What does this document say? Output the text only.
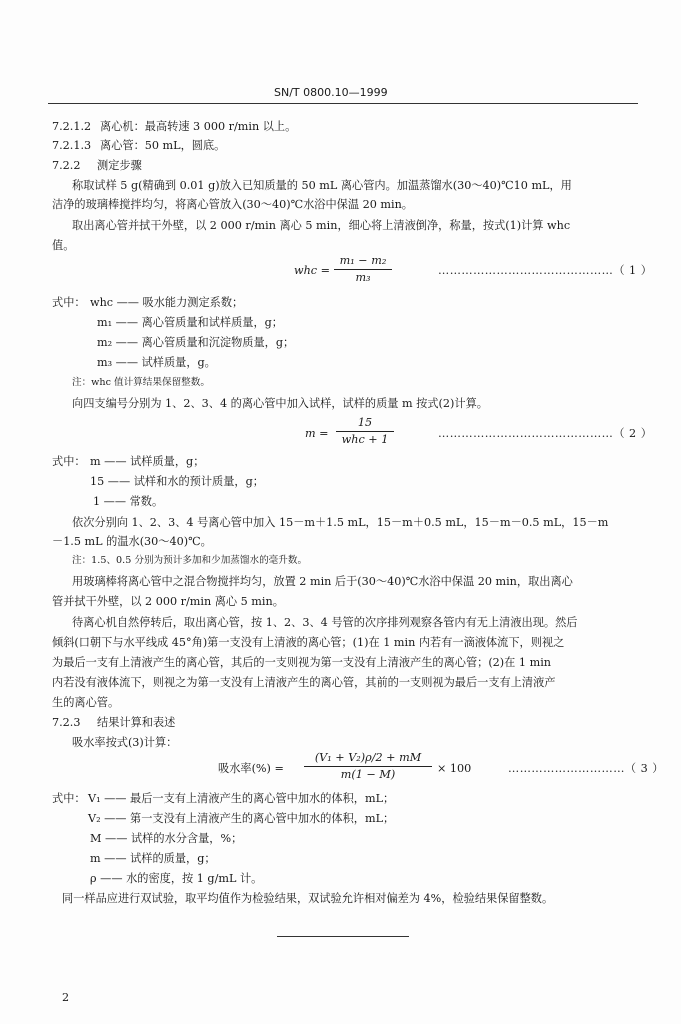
SN/T 0800.10—1999
7.2.1.2 离心机：最高转速 3 000 r/min 以上。
7.2.1.3 离心管：50 mL，圆底。
7.2.2 测定步骤
称取试样 5 g(精确到 0.01 g)放入已知质量的 50 mL 离心管内。加温蒸馏水(30～40)℃10 mL，用
洁净的玻璃棒搅拌均匀，将离心管放入(30～40)℃水浴中保温 20 min。
取出离心管并拭干外壁，以 2 000 r/min 离心 5 min，细心将上清液倒净，称量，按式(1)计算 whc
值。
whc = $\frac{\text{m₁ − m₂}}{\text{m₃}}$	………………………………………（ 1 ）
式中： whc —— 吸水能力测定系数；
m₁ —— 离心管质量和试样质量，g；
m₂ —— 离心管质量和沉淀物质量，g；
m₃ —— 试样质量，g。
注：whc 值计算结果保留整数。
向四支编号分别为 1、2、3、4 的离心管中加入试样，试样的质量 m 按式(2)计算。
m =
15
whc + 1	………………………………………（ 2 ）
式中： m —— 试样质量，g；
15 —— 试样和水的预计质量，g；
1 —— 常数。
依次分别向 1、2、3、4 号离心管中加入 15－m＋1.5 mL，15－m＋0.5 mL，15－m－0.5 mL，15－m
－1.5 mL 的温水(30～40)℃。
注：1.5、0.5 分别为预计多加和少加蒸馏水的毫升数。
用玻璃棒将离心管中之混合物搅拌均匀，放置 2 min 后于(30～40)℃水浴中保温 20 min，取出离心
管并拭干外壁，以 2 000 r/min 离心 5 min。
待离心机自然停转后，取出离心管，按 1、2、3、4 号管的次序排列观察各管内有无上清液出现。然后
倾斜(口朝下与水平线成 45°角)第一支没有上清液的离心管；(1)在 1 min 内若有一滴液体流下，则视之
为最后一支有上清液产生的离心管，其后的一支则视为第一支没有上清液产生的离心管；(2)在 1 min
内若没有液体流下，则视之为第一支没有上清液产生的离心管，其前的一支则视为最后一支有上清液产
生的离心管。
7.2.3 结果计算和表述
吸水率按式(3)计算：
吸水率(%) = $\frac{\text{(V₁ + V₂)ρ/2 + mM}}{m(1 - M)} \times 100$	…………………………（ 3 ）
式中： V₁ —— 最后一支有上清液产生的离心管中加水的体积，mL；
V₂ —— 第一支没有上清液产生的离心管中加水的体积，mL；
M —— 试样的水分含量，%；
m —— 试样的质量，g；
ρ —— 水的密度，按 1 g/mL 计。
同一样品应进行双试验，取平均值作为检验结果，双试验允许相对偏差为 4%，检验结果保留整数。
2
